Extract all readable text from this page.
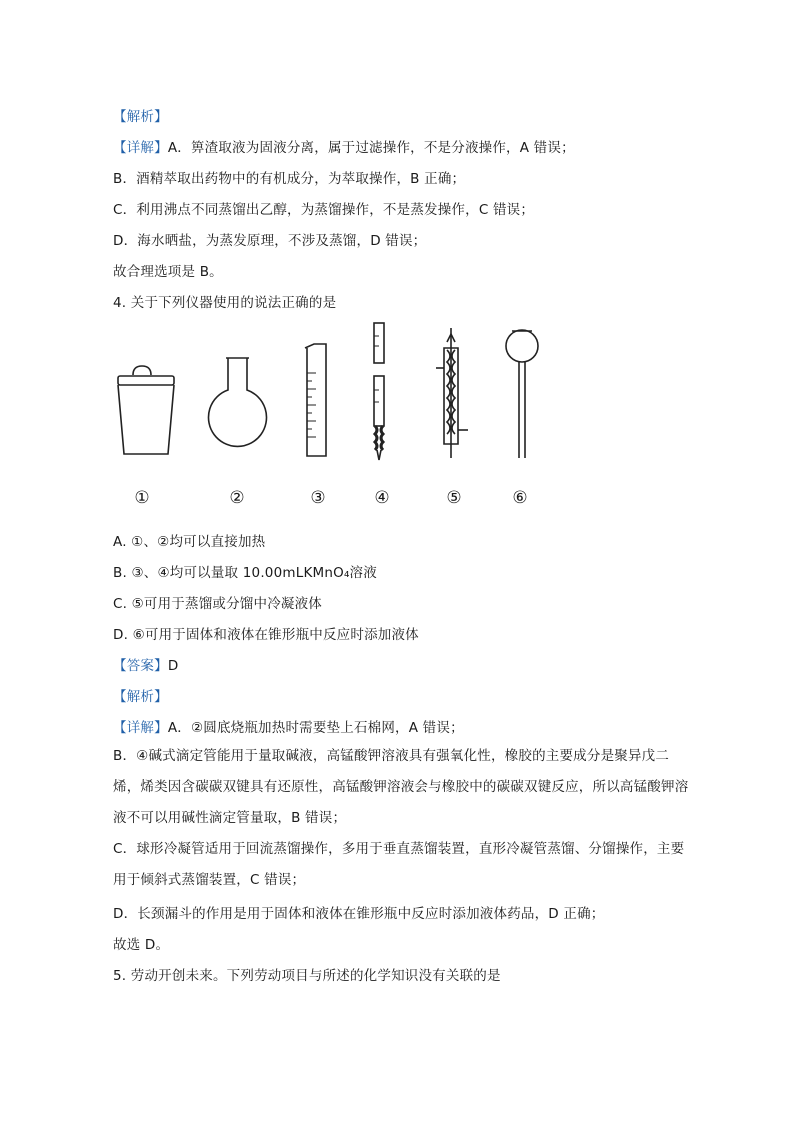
【解析】
【详解】A．箅渣取液为固液分离，属于过滤操作，不是分液操作，A 错误；
B．酒精萃取出药物中的有机成分，为萃取操作，B 正确；
C．利用沸点不同蒸馏出乙醇，为蒸馏操作，不是蒸发操作，C 错误；
D．海水晒盐，为蒸发原理，不涉及蒸馏，D 错误；
故合理选项是 B。
4. 关于下列仪器使用的说法正确的是
①	②	③	④	⑤	⑥
A. ①、②均可以直接加热
B. ③、④均可以量取 10.00mLKMnO₄溶液
C. ⑤可用于蒸馏或分馏中冷凝液体
D. ⑥可用于固体和液体在锥形瓶中反应时添加液体
【答案】D
【解析】
【详解】A．②圆底烧瓶加热时需要垫上石棉网，A 错误；
B．④碱式滴定管能用于量取碱液，高锰酸钾溶液具有强氧化性，橡胶的主要成分是聚异戊二烯，烯类因含碳碳双键具有还原性，高锰酸钾溶液会与橡胶中的碳碳双键反应，所以高锰酸钾溶液不可以用碱性滴定管量取，B 错误；
C．球形冷凝管适用于回流蒸馏操作，多用于垂直蒸馏装置，直形冷凝管蒸馏、分馏操作，主要用于倾斜式蒸馏装置，C 错误；
D．长颈漏斗的作用是用于固体和液体在锥形瓶中反应时添加液体药品，D 正确；
故选 D。
5. 劳动开创未来。下列劳动项目与所述的化学知识没有关联的是
